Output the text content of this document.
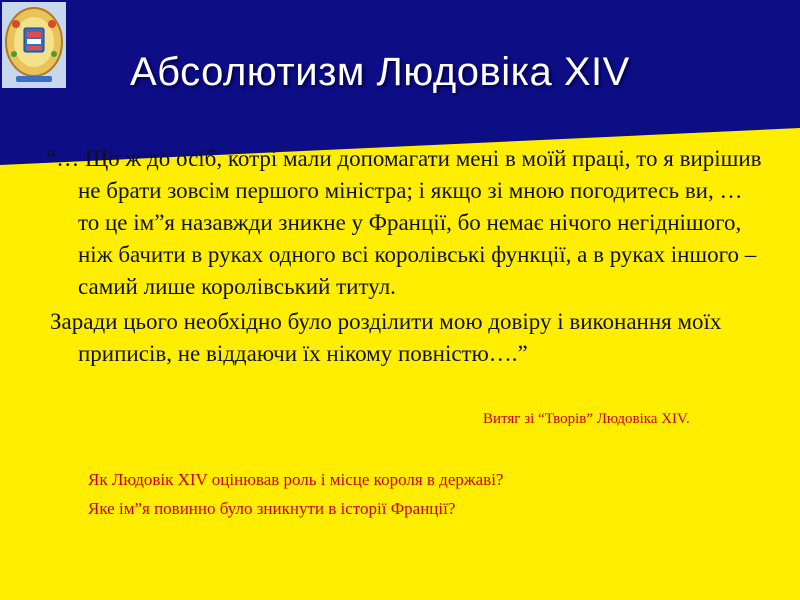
Абсолютизм Людовіка XIV

“… Що ж до осіб, котрі мали допомагати мені в моїй праці, то я вирішив не брати зовсім першого міністра; і якщо зі мною погодитесь ви, … то це ім”я назавжди зникне у Франції, бо немає нічого негіднішого, ніж бачити в руках одного всі королівські функції, а в руках іншого – самий лише королівський титул.

Заради цього необхідно було розділити мою довіру і виконання моїх приписів, не віддаючи їх нікому повністю….”

Витяг зі “Творів” Людовіка XIV.
Як Людовік XIV оцінював роль і місце короля в державі?
Яке ім”я повинно було зникнути в історії Франції?
